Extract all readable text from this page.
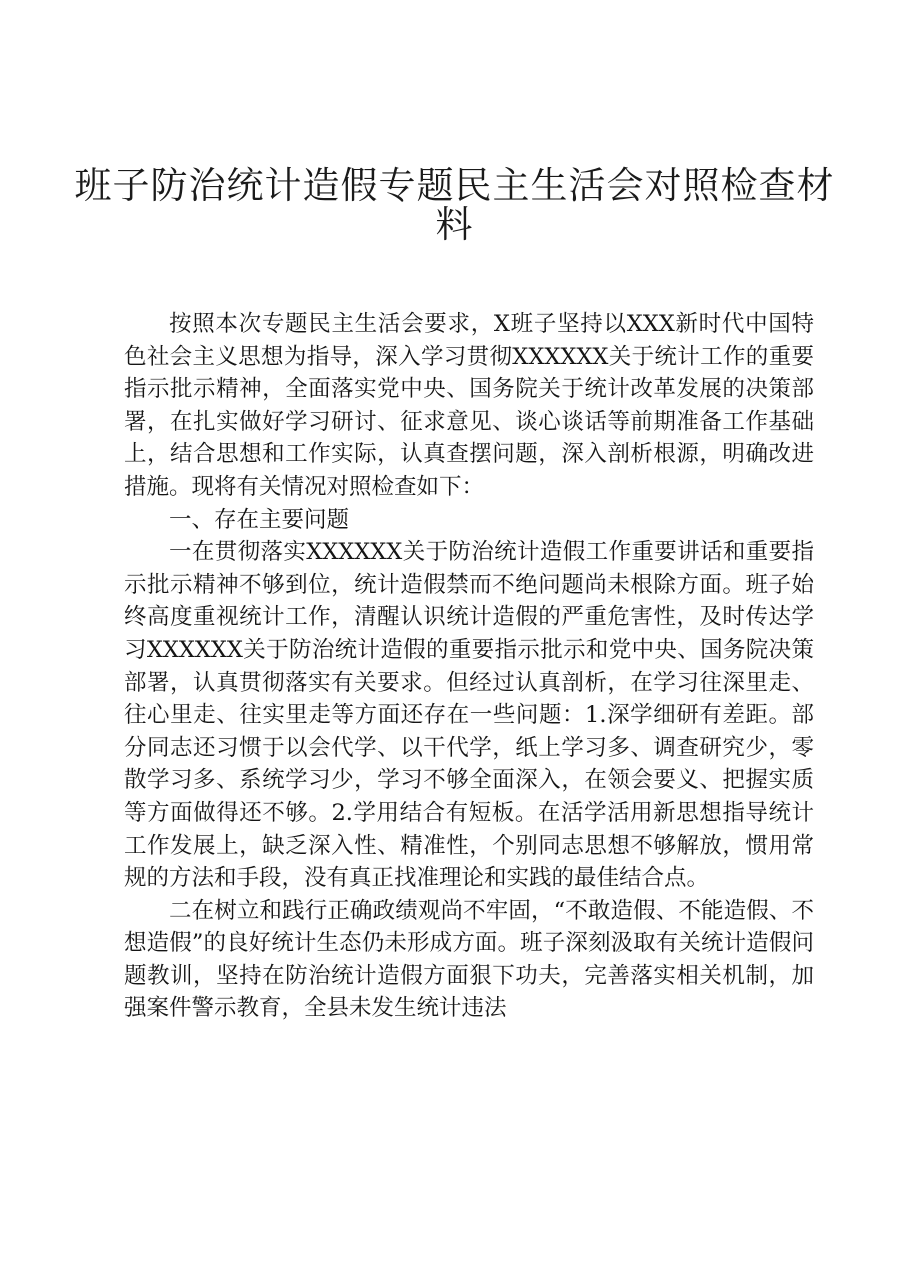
班子防治统计造假专题民主生活会对照检查材
料

按照本次专题民主生活会要求，X班子坚持以XXX新时代中国特色社会主义思想为指导，深入学习贯彻XXXXXX关于统计工作的重要指示批示精神，全面落实党中央、国务院关于统计改革发展的决策部署，在扎实做好学习研讨、征求意见、谈心谈话等前期准备工作基础上，结合思想和工作实际，认真查摆问题，深入剖析根源，明确改进措施。现将有关情况对照检查如下：

一、存在主要问题

一在贯彻落实XXXXXX关于防治统计造假工作重要讲话和重要指示批示精神不够到位，统计造假禁而不绝问题尚未根除方面。班子始终高度重视统计工作，清醒认识统计造假的严重危害性，及时传达学习XXXXXX关于防治统计造假的重要指示批示和党中央、国务院决策部署，认真贯彻落实有关要求。但经过认真剖析，在学习往深里走、往心里走、往实里走等方面还存在一些问题：1.深学细研有差距。部分同志还习惯于以会代学、以干代学，纸上学习多、调查研究少，零散学习多、系统学习少，学习不够全面深入，在领会要义、把握实质等方面做得还不够。2.学用结合有短板。在活学活用新思想指导统计工作发展上，缺乏深入性、精准性，个别同志思想不够解放，惯用常规的方法和手段，没有真正找准理论和实践的最佳结合点。

二在树立和践行正确政绩观尚不牢固，“不敢造假、不能造假、不想造假”的良好统计生态仍未形成方面。班子深刻汲取有关统计造假问题教训，坚持在防治统计造假方面狠下功夫，完善落实相关机制，加强案件警示教育，全县未发生统计违法
